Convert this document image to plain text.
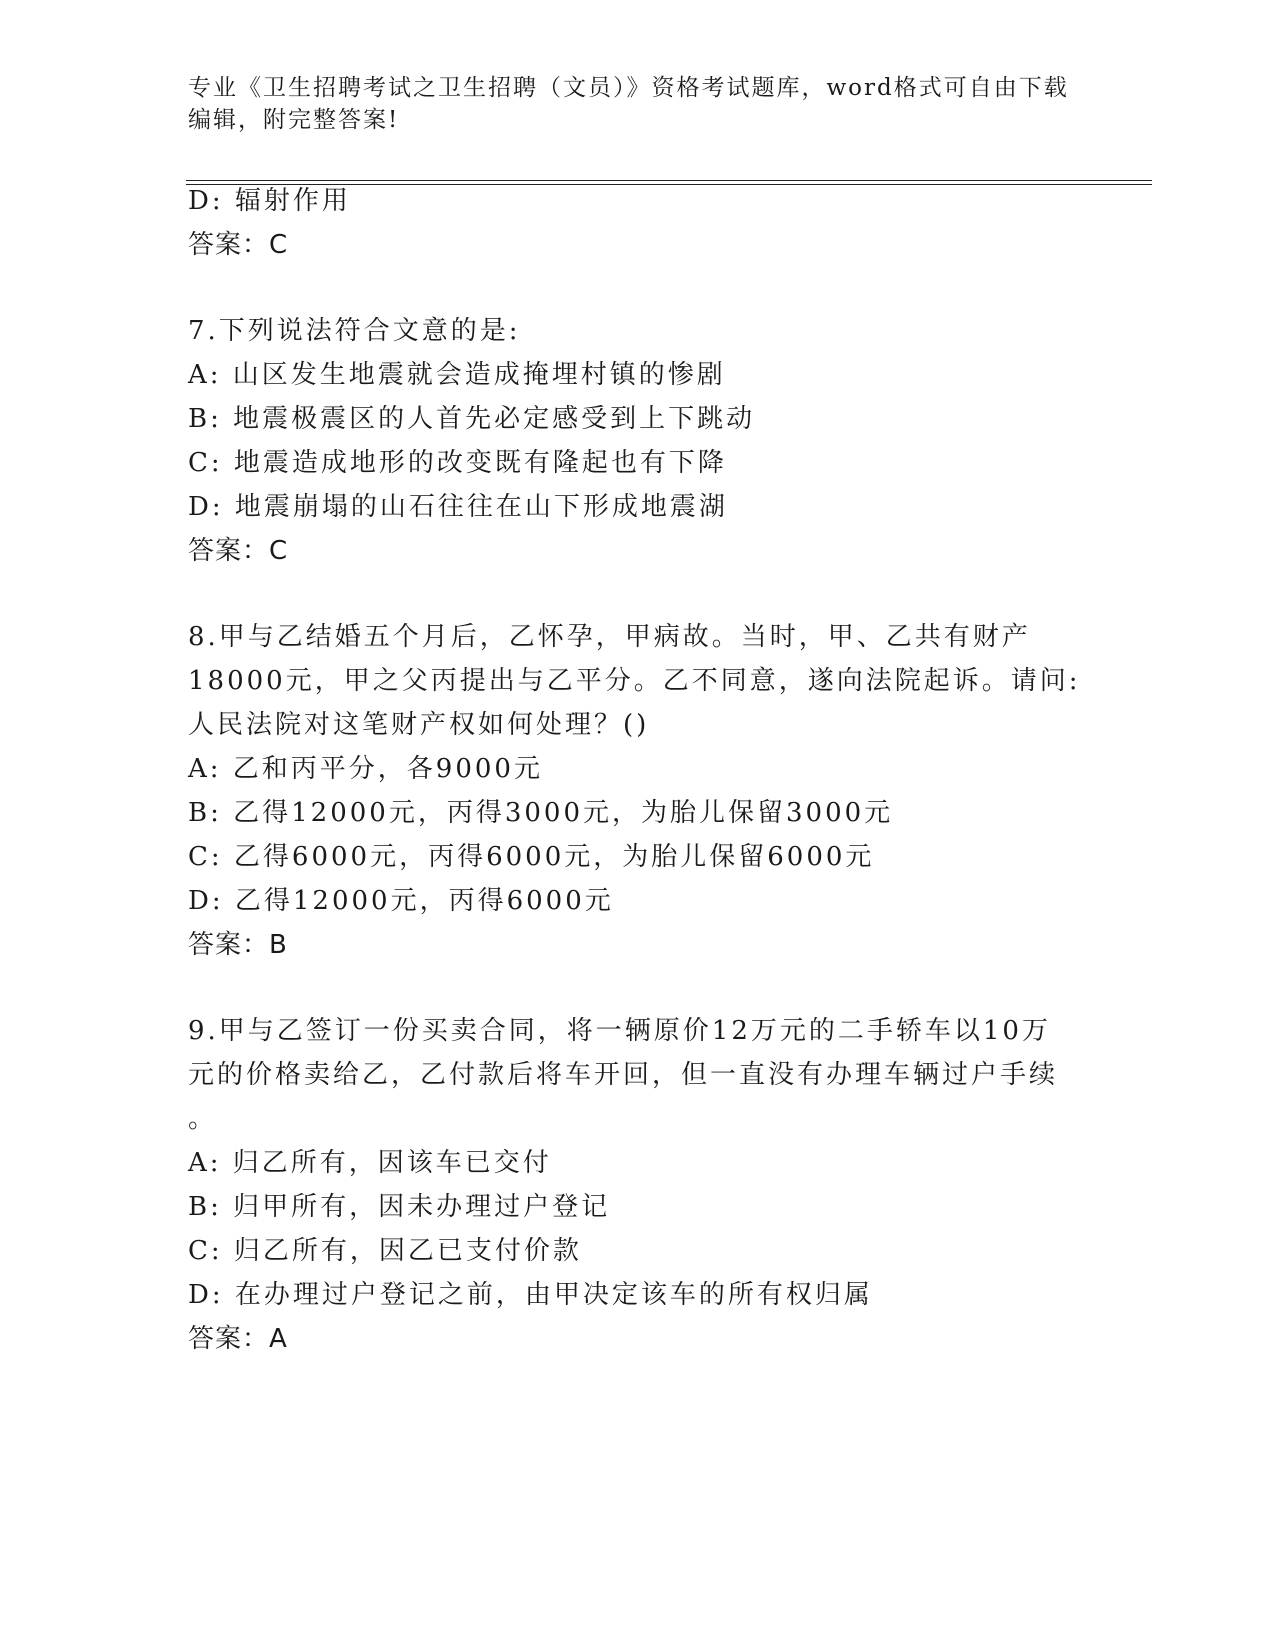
专业《卫生招聘考试之卫生招聘（文员）》资格考试题库，word格式可自由下载
编辑，附完整答案!
D: 辐射作用
答案：C
7.下列说法符合文意的是:
A: 山区发生地震就会造成掩埋村镇的惨剧
B: 地震极震区的人首先必定感受到上下跳动
C: 地震造成地形的改变既有隆起也有下降
D: 地震崩塌的山石往往在山下形成地震湖
答案：C
8.甲与乙结婚五个月后，乙怀孕，甲病故。当时，甲、乙共有财产
18000元，甲之父丙提出与乙平分。乙不同意，遂向法院起诉。请问:
人民法院对这笔财产权如何处理？()
A: 乙和丙平分，各9000元
B: 乙得12000元，丙得3000元，为胎儿保留3000元
C: 乙得6000元，丙得6000元，为胎儿保留6000元
D: 乙得12000元，丙得6000元
答案：B
9.甲与乙签订一份买卖合同，将一辆原价12万元的二手轿车以10万
元的价格卖给乙，乙付款后将车开回，但一直没有办理车辆过户手续
。
A: 归乙所有，因该车已交付
B: 归甲所有，因未办理过户登记
C: 归乙所有，因乙已支付价款
D: 在办理过户登记之前，由甲决定该车的所有权归属
答案：A
